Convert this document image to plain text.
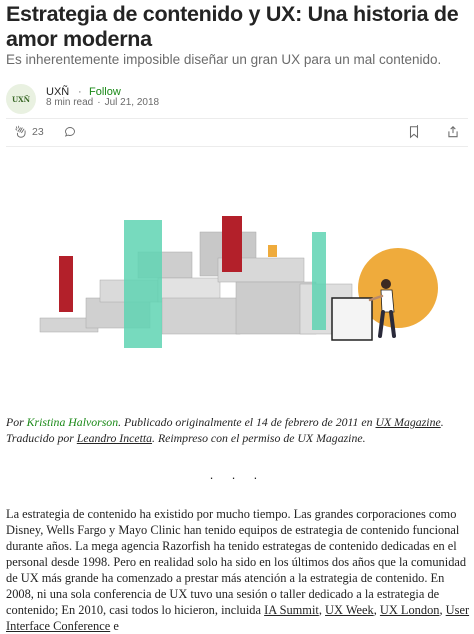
Estrategia de contenido y UX: Una historia de amor moderna

Es inherentemente imposible diseñar un gran UX para un mal contenido.

UXÑ
UXÑ · Follow
8 min read · Jul 21, 2018
23

Por Kristina Halvorson. Publicado originalmente el 14 de febrero de 2011 en UX Magazine. Traducido por Leandro Incetta. Reimpreso con el permiso de UX Magazine.

· · ·

La estrategia de contenido ha existido por mucho tiempo. Las grandes corporaciones como Disney, Wells Fargo y Mayo Clinic han tenido equipos de estrategia de contenido funcional durante años. La mega agencia Razorfish ha tenido estrategas de contenido dedicadas en el personal desde 1998. Pero en realidad solo ha sido en los últimos dos años que la comunidad de UX más grande ha comenzado a prestar más atención a la estrategia de contenido. En 2008, ni una sola conferencia de UX tuvo una sesión o taller dedicado a la estrategia de contenido; En 2010, casi todos lo hicieron, incluida IA Summit, UX Week, UX London, User Interface Conference e
